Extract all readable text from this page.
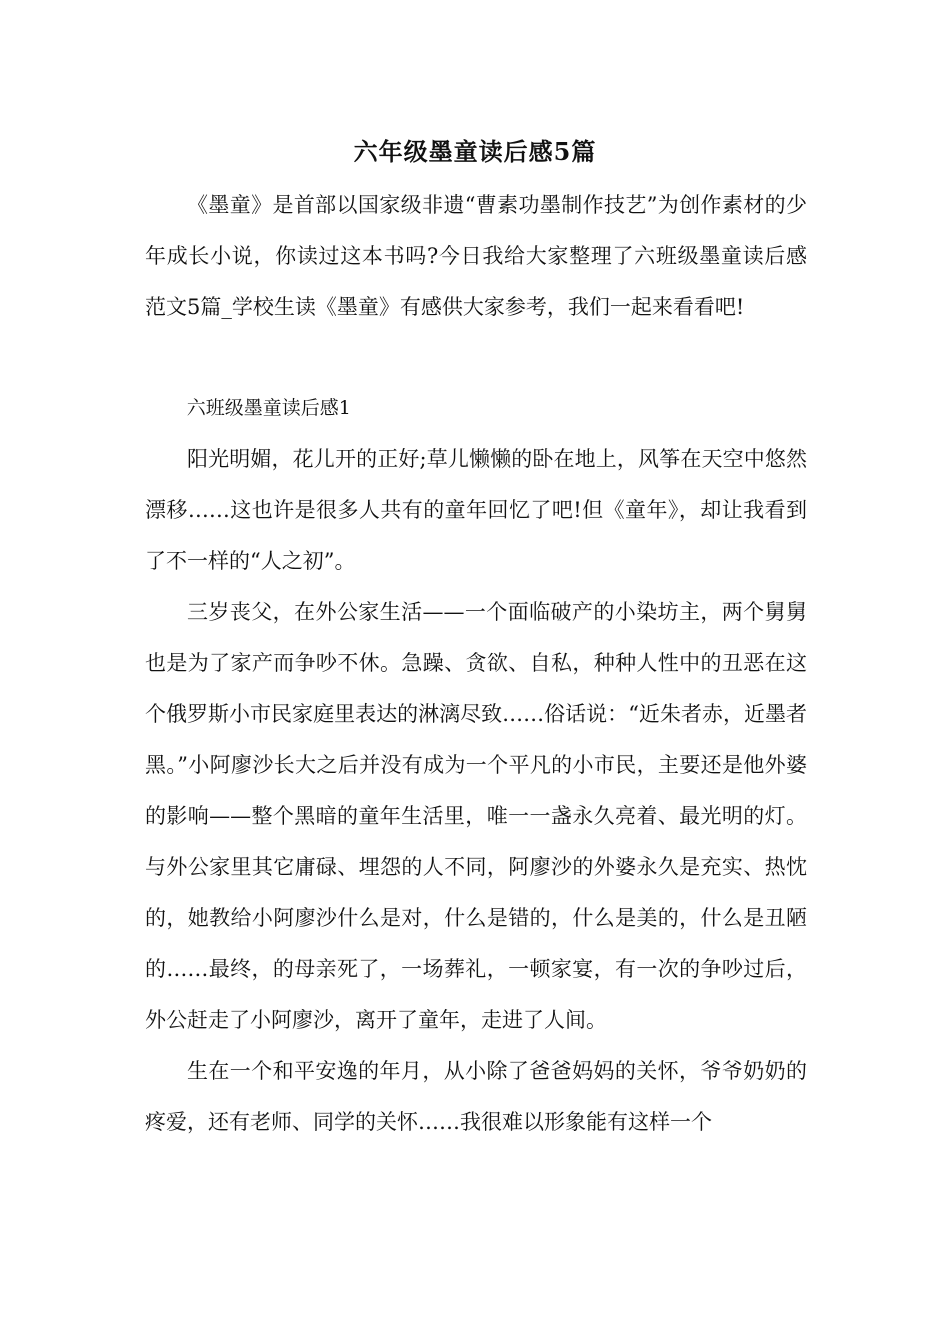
六年级墨童读后感5篇

《墨童》是首部以国家级非遗“曹素功墨制作技艺”为创作素材的少年成长小说，你读过这本书吗?今日我给大家整理了六班级墨童读后感范文5篇_学校生读《墨童》有感供大家参考，我们一起来看看吧!

六班级墨童读后感1

阳光明媚，花儿开的正好;草儿懒懒的卧在地上，风筝在天空中悠然漂移……这也许是很多人共有的童年回忆了吧!但《童年》，却让我看到了不一样的“人之初”。

三岁丧父，在外公家生活——一个面临破产的小染坊主，两个舅舅也是为了家产而争吵不休。急躁、贪欲、自私，种种人性中的丑恶在这个俄罗斯小市民家庭里表达的淋漓尽致……俗话说：“近朱者赤，近墨者黑。”小阿廖沙长大之后并没有成为一个平凡的小市民，主要还是他外婆的影响——整个黑暗的童年生活里，唯一一盏永久亮着、最光明的灯。与外公家里其它庸碌、埋怨的人不同，阿廖沙的外婆永久是充实、热忱的，她教给小阿廖沙什么是对，什么是错的，什么是美的，什么是丑陋的……最终，的母亲死了，一场葬礼，一顿家宴，有一次的争吵过后，外公赶走了小阿廖沙，离开了童年，走进了人间。

生在一个和平安逸的年月，从小除了爸爸妈妈的关怀，爷爷奶奶的疼爱，还有老师、同学的关怀……我很难以形象能有这样一个
